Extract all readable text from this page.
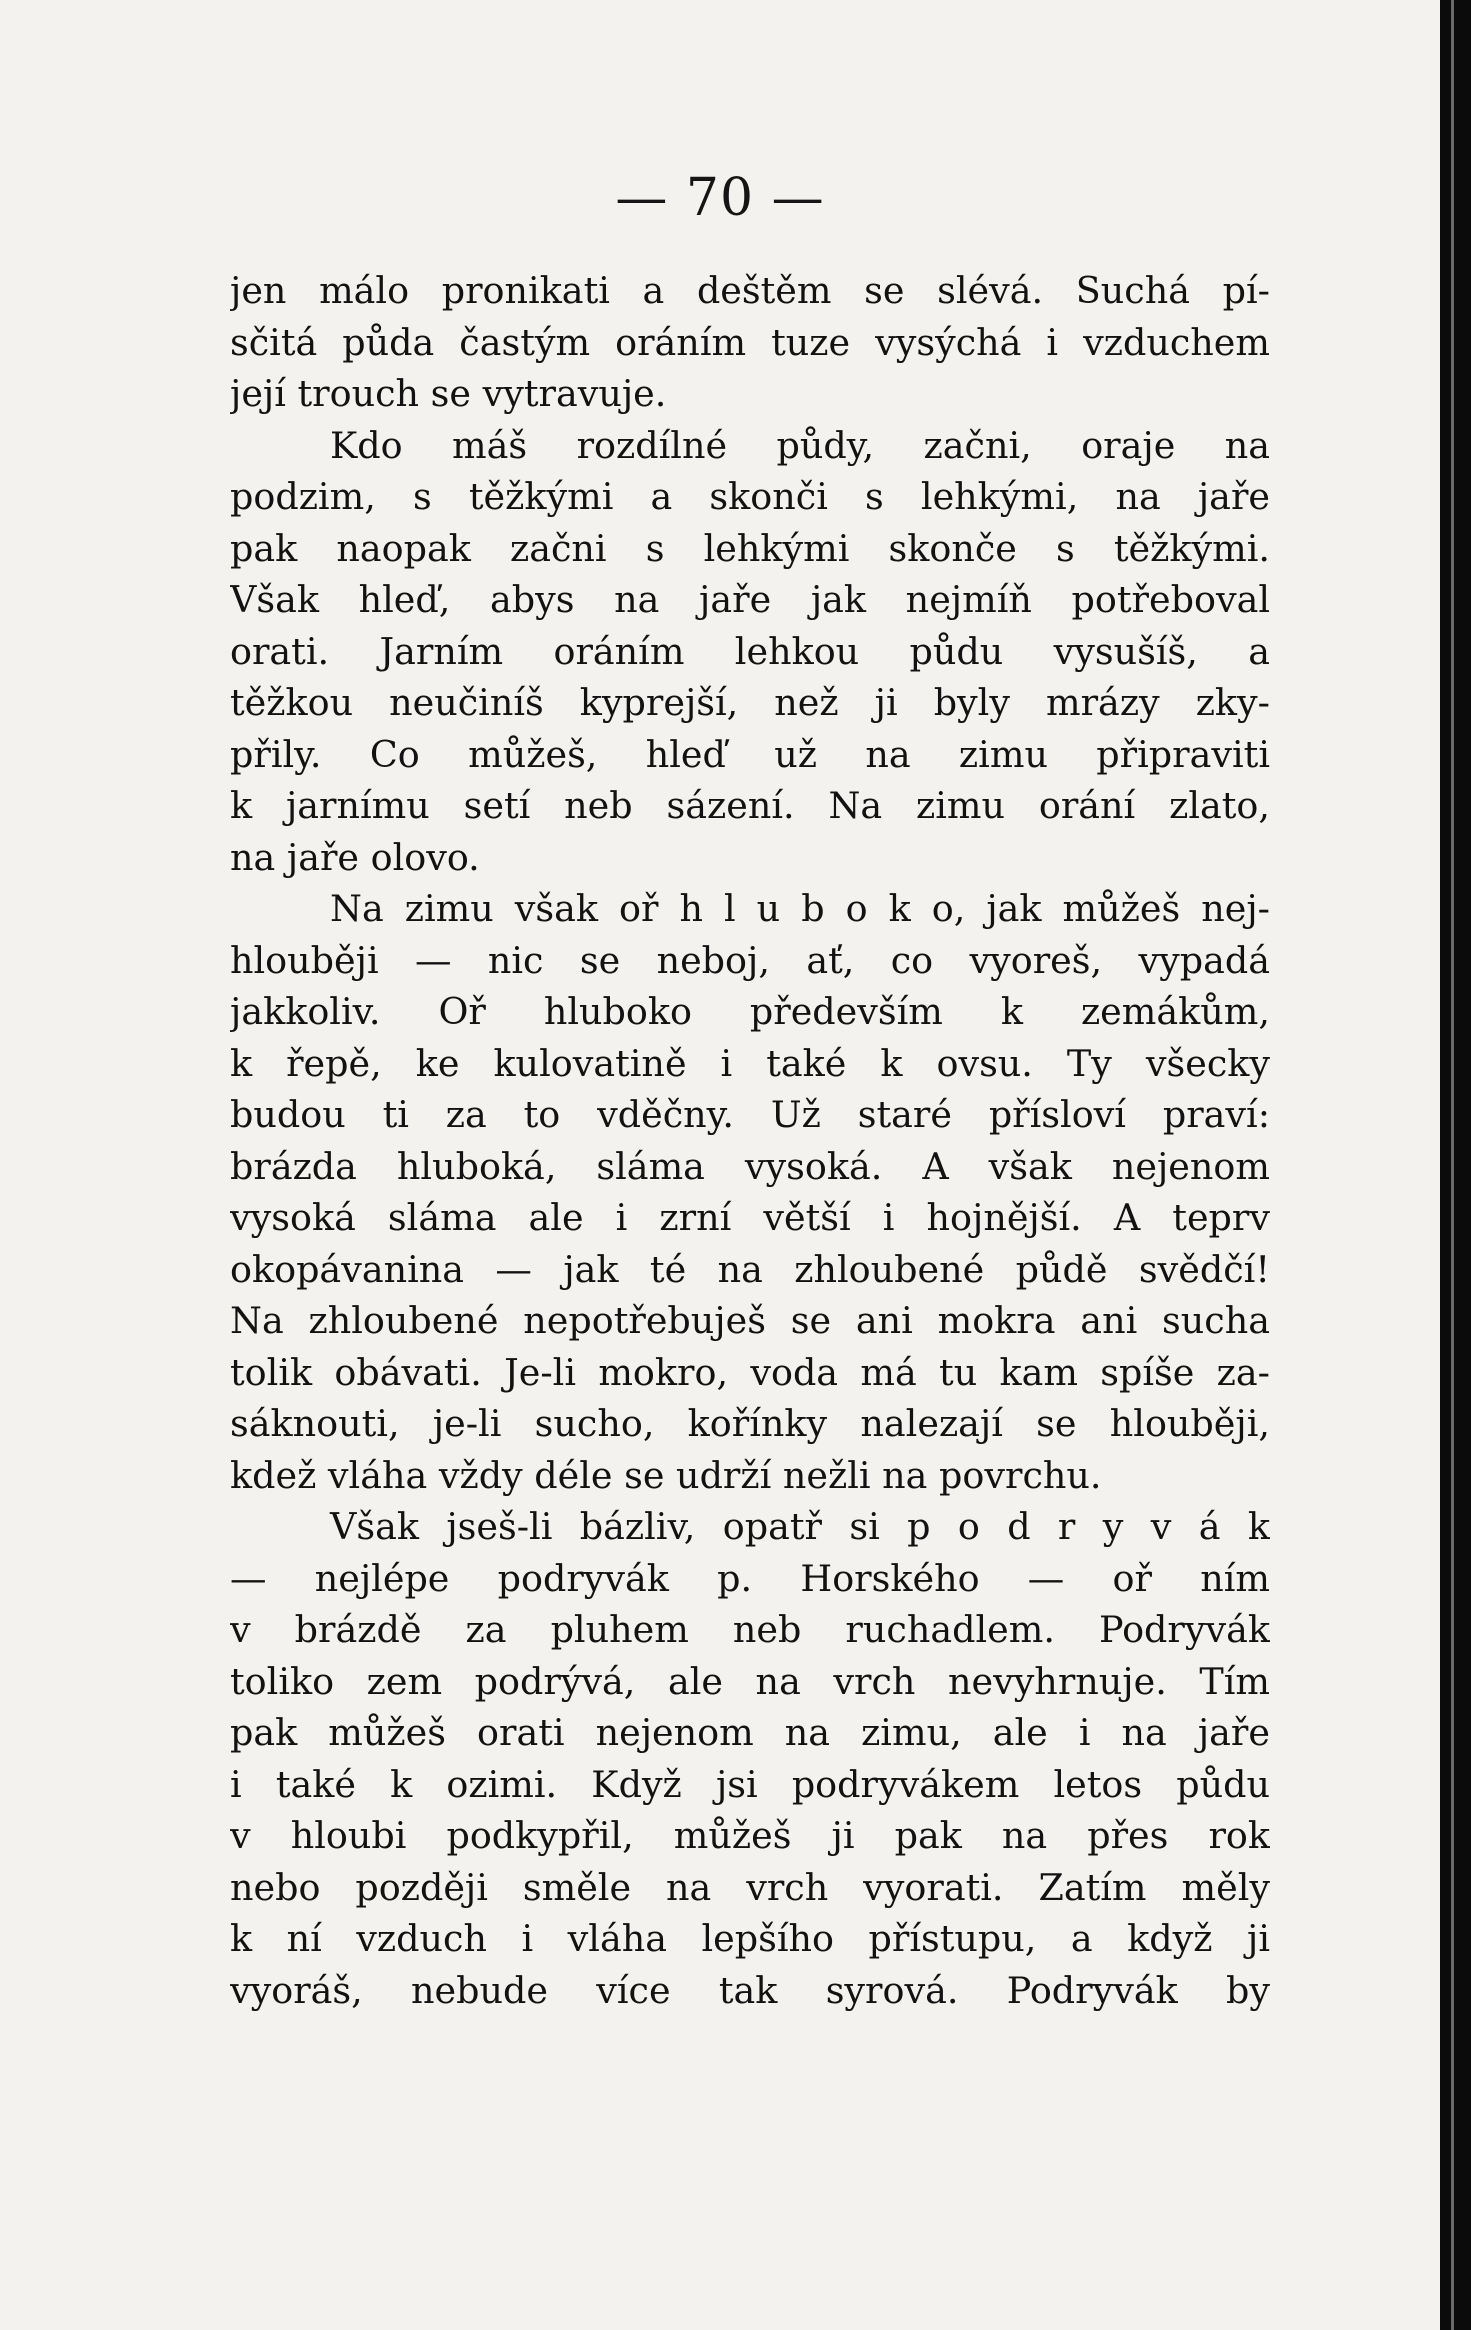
— 70 —
jen málo pronikati a deštěm se slévá. Suchá pí-
sčitá půda častým oráním tuze vysýchá i vzduchem
její trouch se vytravuje.
Kdo máš rozdílné půdy, začni, oraje na
podzim, s těžkými a skonči s lehkými, na jaře
pak naopak začni s lehkými skonče s těžkými.
Však hleď, abys na jaře jak nejmíň potřeboval
orati. Jarním oráním lehkou půdu vysušíš, a
těžkou neučiníš kyprejší, než ji byly mrázy zky-
přily. Co můžeš, hleď už na zimu připraviti
k jarnímu setí neb sázení. Na zimu orání zlato,
na jaře olovo.
Na zimu však oř h l u b o k o, jak můžeš nej-
hlouběji — nic se neboj, ať, co vyoreš, vypadá
jakkoliv. Oř hluboko především k zemákům,
k řepě, ke kulovatině i také k ovsu. Ty všecky
budou ti za to vděčny. Už staré přísloví praví:
brázda hluboká, sláma vysoká. A však nejenom
vysoká sláma ale i zrní větší i hojnější. A teprv
okopávanina — jak té na zhloubené půdě svědčí!
Na zhloubené nepotřebuješ se ani mokra ani sucha
tolik obávati. Je-li mokro, voda má tu kam spíše za-
sáknouti, je-li sucho, kořínky nalezají se hlouběji,
kdež vláha vždy déle se udrží nežli na povrchu.
Však jseš-li bázliv, opatř si p o d r y v á k
— nejlépe podryvák p. Horského — oř ním
v brázdě za pluhem neb ruchadlem. Podryvák
toliko zem podrývá, ale na vrch nevyhrnuje. Tím
pak můžeš orati nejenom na zimu, ale i na jaře
i také k ozimi. Když jsi podryvákem letos půdu
v hloubi podkypřil, můžeš ji pak na přes rok
nebo později směle na vrch vyorati. Zatím měly
k ní vzduch i vláha lepšího přístupu, a když ji
vyoráš, nebude více tak syrová. Podryvák by
